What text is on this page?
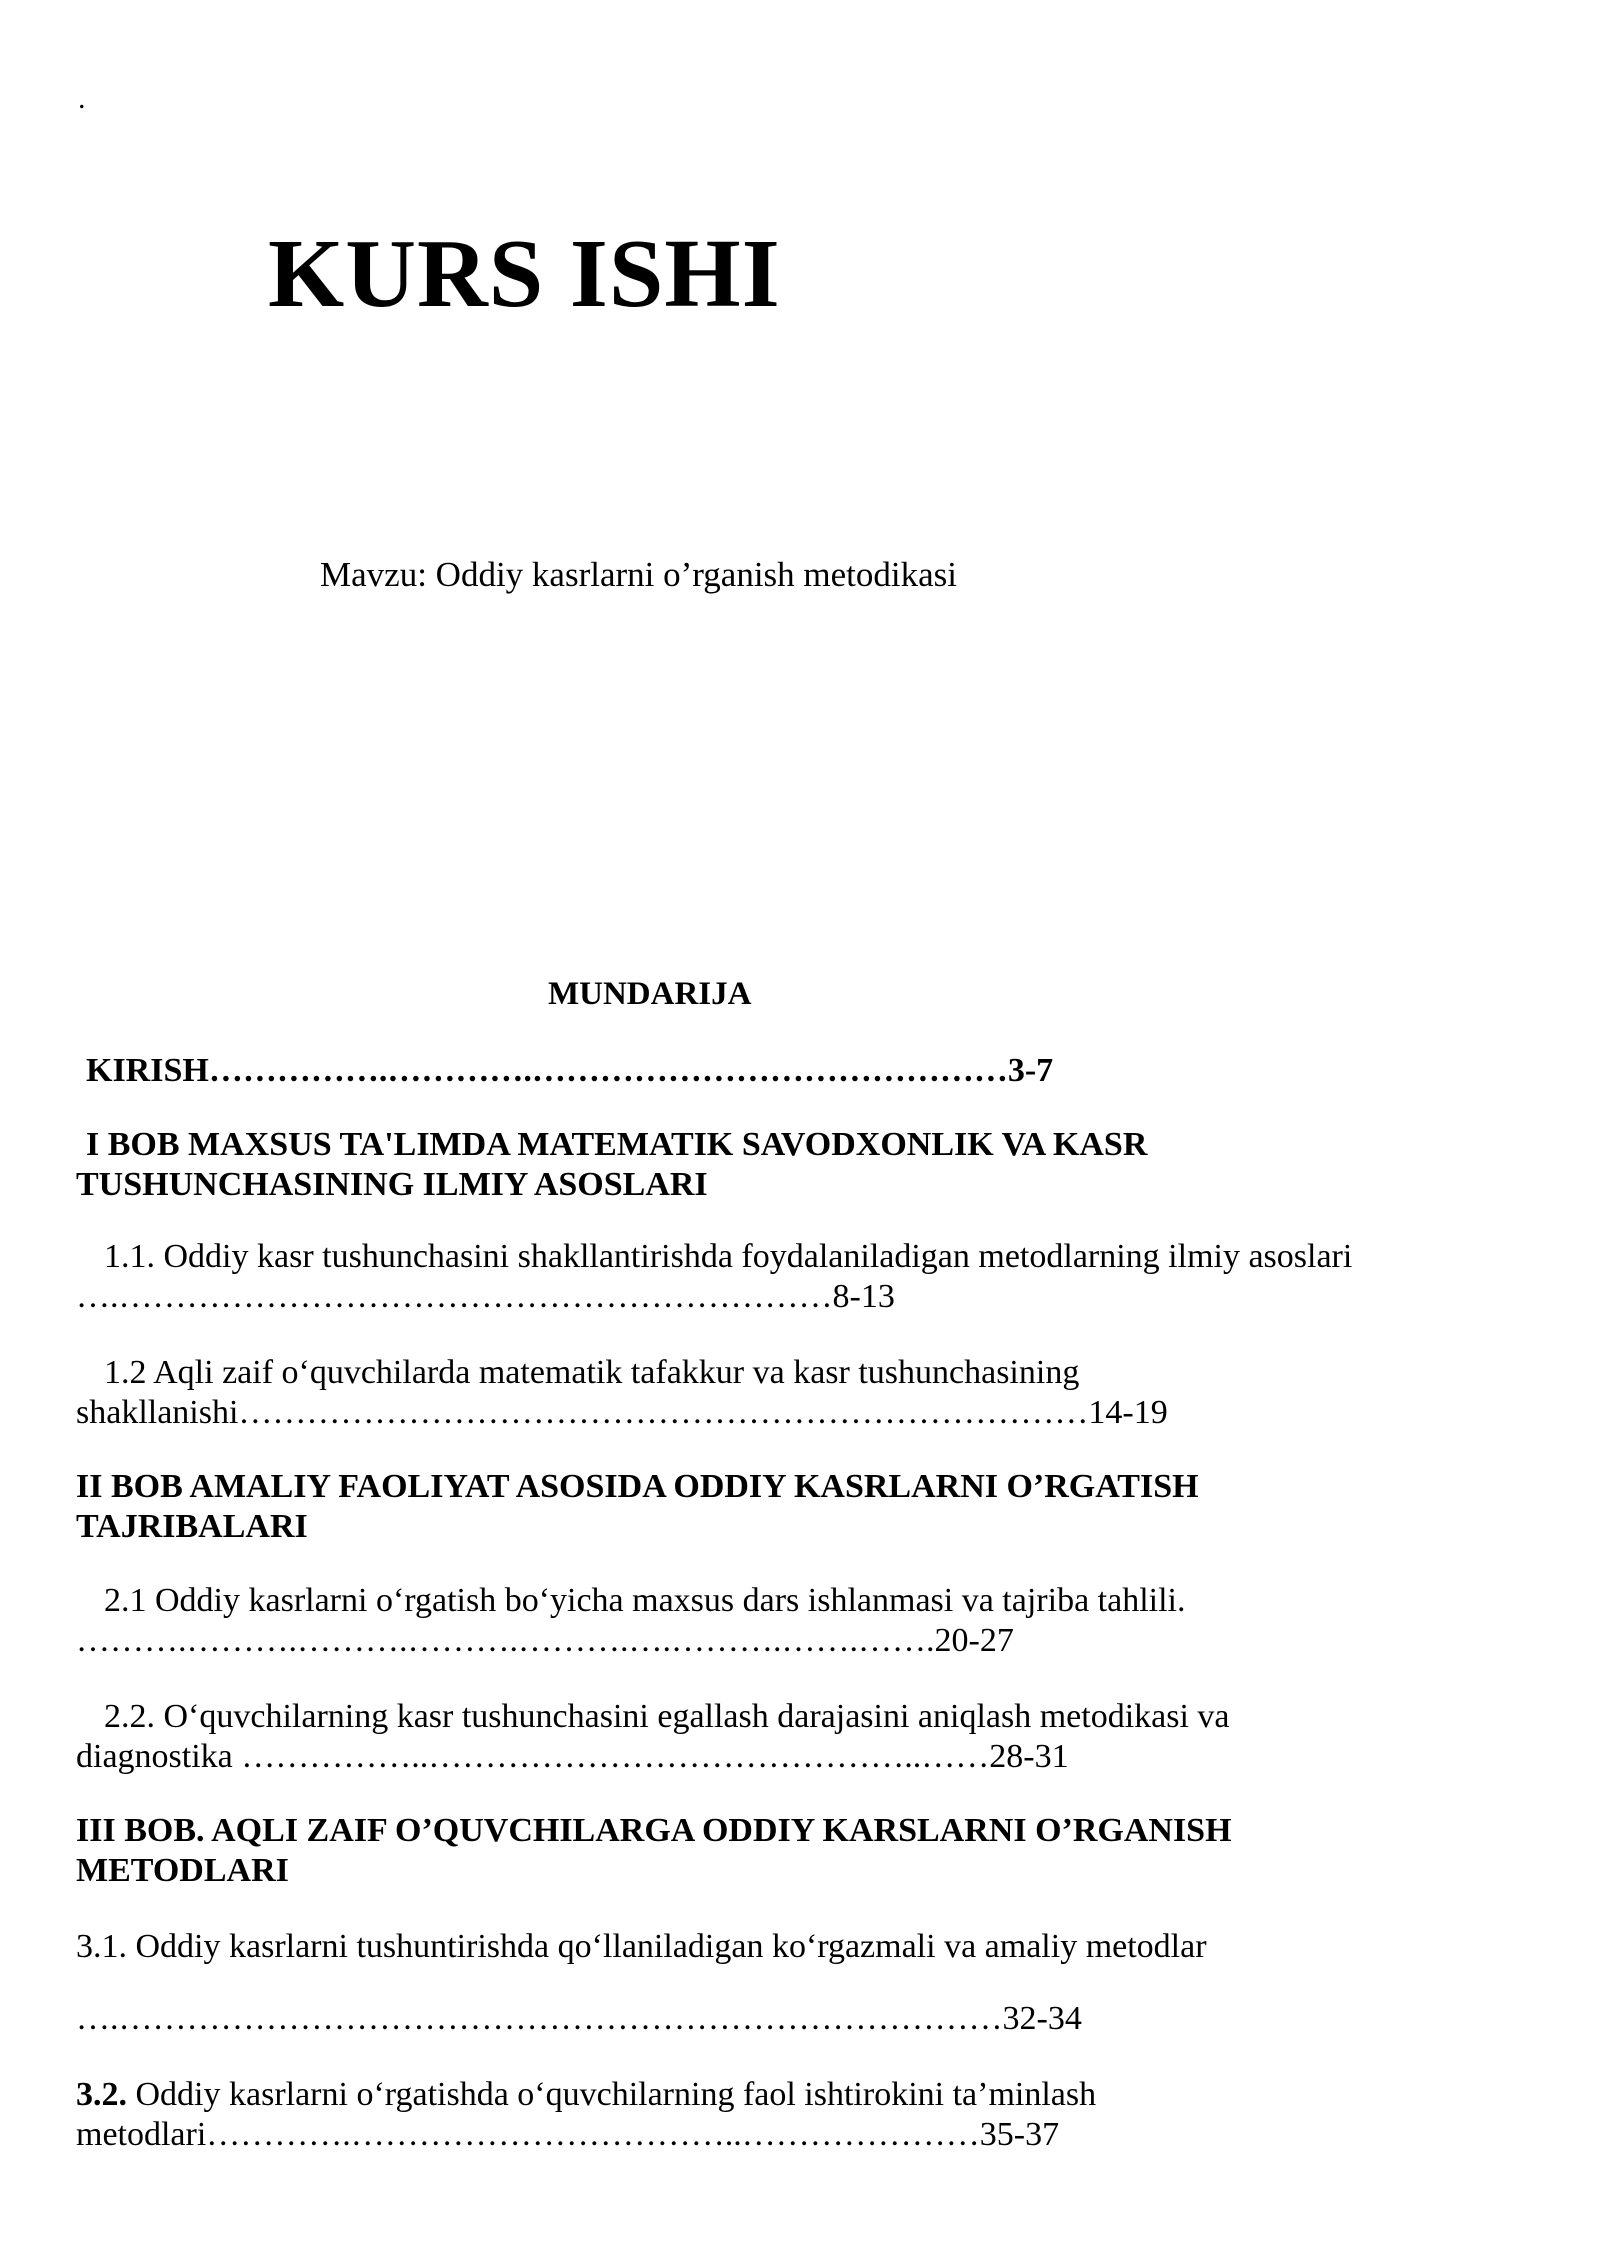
.
KURS ISHI
Mavzu: Oddiy kasrlarni o’rganish metodikasi
MUNDARIJA
KIRISH…………….………….……………………………………3-7
I BOB MAXSUS TA'LIMDA MATEMATIK SAVODXONLIK VA KASR
TUSHUNCHASINING ILMIY ASOSLARI
1.1. Oddiy kasr tushunchasini shakllantirishda foydalaniladigan metodlarning ilmiy asoslari
….………………………………………………………8-13
1.2 Aqli zaif o‘quvchilarda matematik tafakkur va kasr tushunchasining
shakllanishi…………………………………………………………………14-19
II BOB AMALIY FAOLIYAT ASOSIDA ODDIY KASRLARNI O’RGATISH
TAJRIBALARI
2.1 Oddiy kasrlarni o‘rgatish bo‘yicha maxsus dars ishlanmasi va tajriba tahlili.
……….……….……….……….……….….……….…….…….20-27
2.2. O‘quvchilarning kasr tushunchasini egallash darajasini aniqlash metodikasi va
diagnostika ……………..……………………………………..……28-31
III BOB. AQLI ZAIF O’QUVCHILARGA ODDIY KARSLARNI O’RGANISH
METODLARI
3.1. Oddiy kasrlarni tushuntirishda qo‘llaniladigan ko‘rgazmali va amaliy metodlar
….……………………………………………………………………32-34
3.2. Oddiy kasrlarni o‘rgatishda o‘quvchilarning faol ishtirokini ta’minlash
metodlari………….……………………………..…………………35-37
